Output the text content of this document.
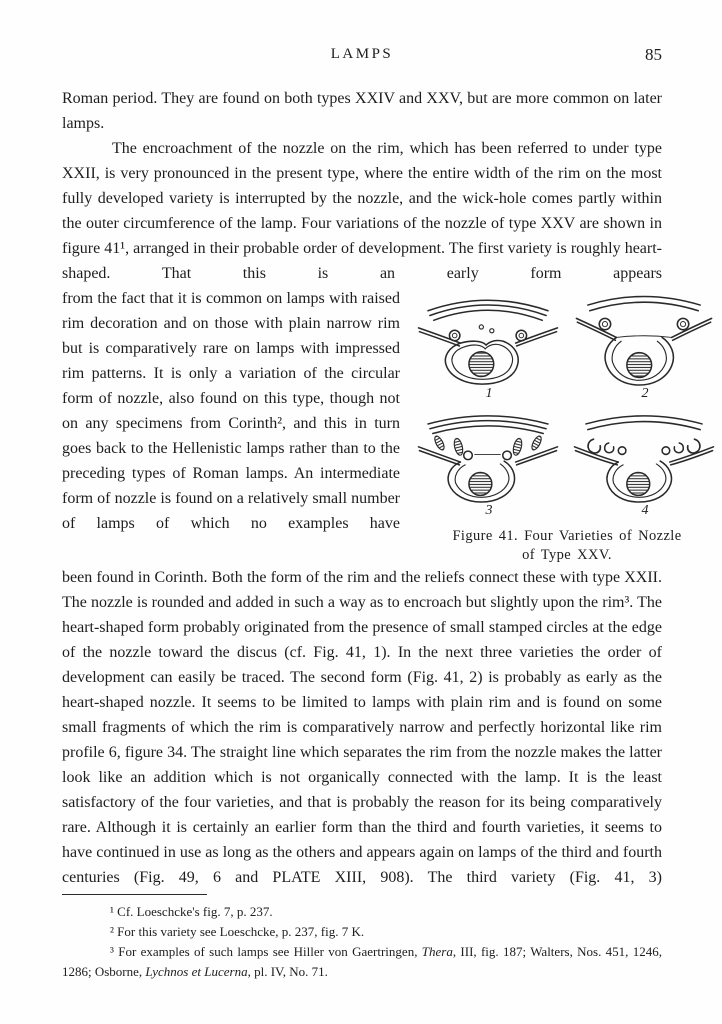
LAMPS	85

Roman period. They are found on both types XXIV and XXV, but are more common on later lamps.

The encroachment of the nozzle on the rim, which has been referred to under type XXII, is very pronounced in the present type, where the entire width of the rim on the most fully developed variety is interrupted by the nozzle, and the wick-hole comes partly within the outer circumference of the lamp. Four variations of the nozzle of type XXV are shown in figure 41¹, arranged in their probable order of development. The first variety is roughly heart-shaped. That this is an early form appears

from the fact that it is common on lamps with raised rim decoration and on those with plain narrow rim but is comparatively rare on lamps with impressed rim patterns. It is only a variation of the circular form of nozzle, also found on this type, though not on any specimens from Corinth², and this in turn goes back to the Hellenistic lamps rather than to the preceding types of Roman lamps. An intermediate form of nozzle is found on a relatively small number of lamps of which no examples have
1	2
3	4
Figure 41. Four Varieties of Nozzle
of Type XXV.

been found in Corinth. Both the form of the rim and the reliefs connect these with type XXII. The nozzle is rounded and added in such a way as to encroach but slightly upon the rim³. The heart-shaped form probably originated from the presence of small stamped circles at the edge of the nozzle toward the discus (cf. Fig. 41, 1). In the next three varieties the order of development can easily be traced. The second form (Fig. 41, 2) is probably as early as the heart-shaped nozzle. It seems to be limited to lamps with plain rim and is found on some small fragments of which the rim is comparatively narrow and perfectly horizontal like rim profile 6, figure 34. The straight line which separates the rim from the nozzle makes the latter look like an addition which is not organically connected with the lamp. It is the least satisfactory of the four varieties, and that is probably the reason for its being comparatively rare. Although it is certainly an earlier form than the third and fourth varieties, it seems to have continued in use as long as the others and appears again on lamps of the third and fourth centuries (Fig. 49, 6 and PLATE XIII, 908). The third variety (Fig. 41, 3)

¹ Cf. Loeschcke's fig. 7, p. 237.

² For this variety see Loeschcke, p. 237, fig. 7 K.

³ For examples of such lamps see Hiller von Gaertringen, Thera, III, fig. 187; Walters, Nos. 451, 1246, 1286; Osborne, Lychnos et Lucerna, pl. IV, No. 71.
